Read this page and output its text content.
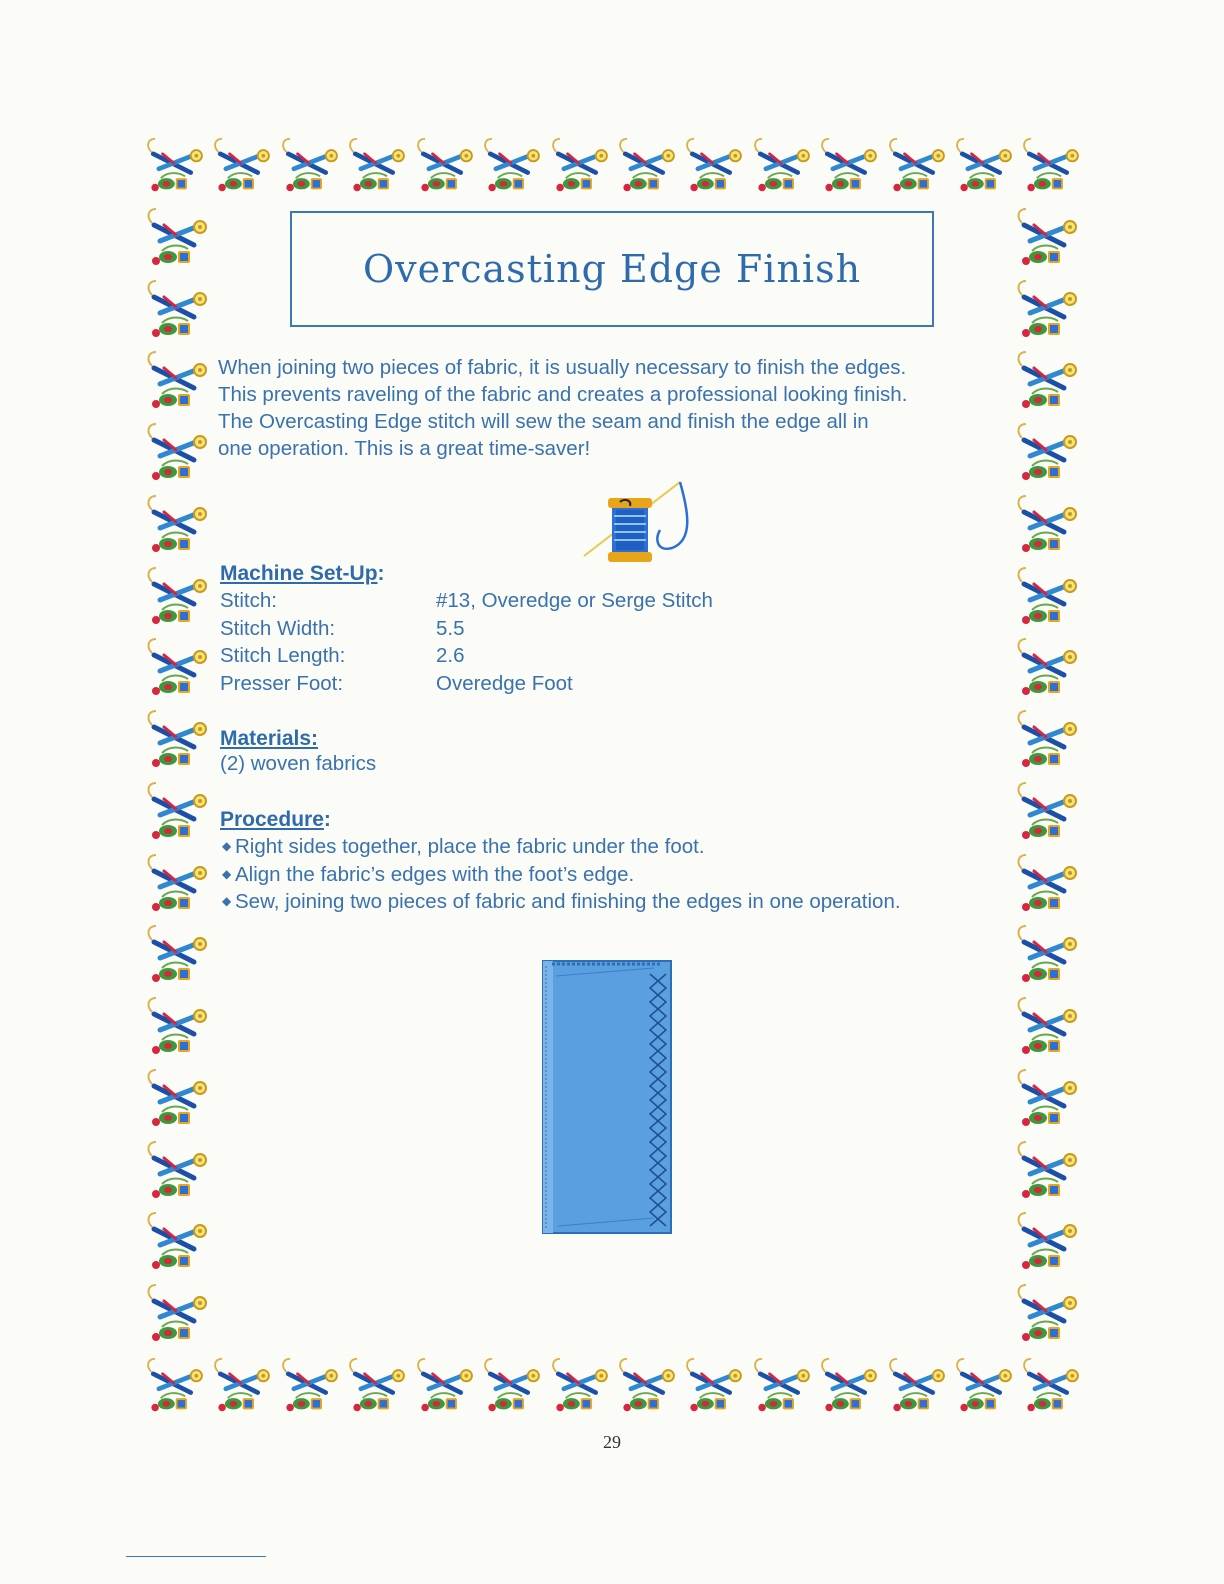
Overcasting Edge Finish

When joining two pieces of fabric, it is usually necessary to finish the edges.

This prevents raveling of the fabric and creates a professional looking finish.

The Overcasting Edge stitch will sew the seam and finish the edge all in

one operation. This is a great time-saver!

Machine Set-Up:
Stitch:	#13, Overedge or Serge Stitch
Stitch Width:	5.5
Stitch Length:	2.6
Presser Foot:	Overedge Foot
Materials:
(2) woven fabrics
Procedure:
◆ Right sides together, place the fabric under the foot.
◆ Align the fabric’s edges with the foot’s edge.
◆ Sew, joining two pieces of fabric and finishing the edges in one operation.
29
